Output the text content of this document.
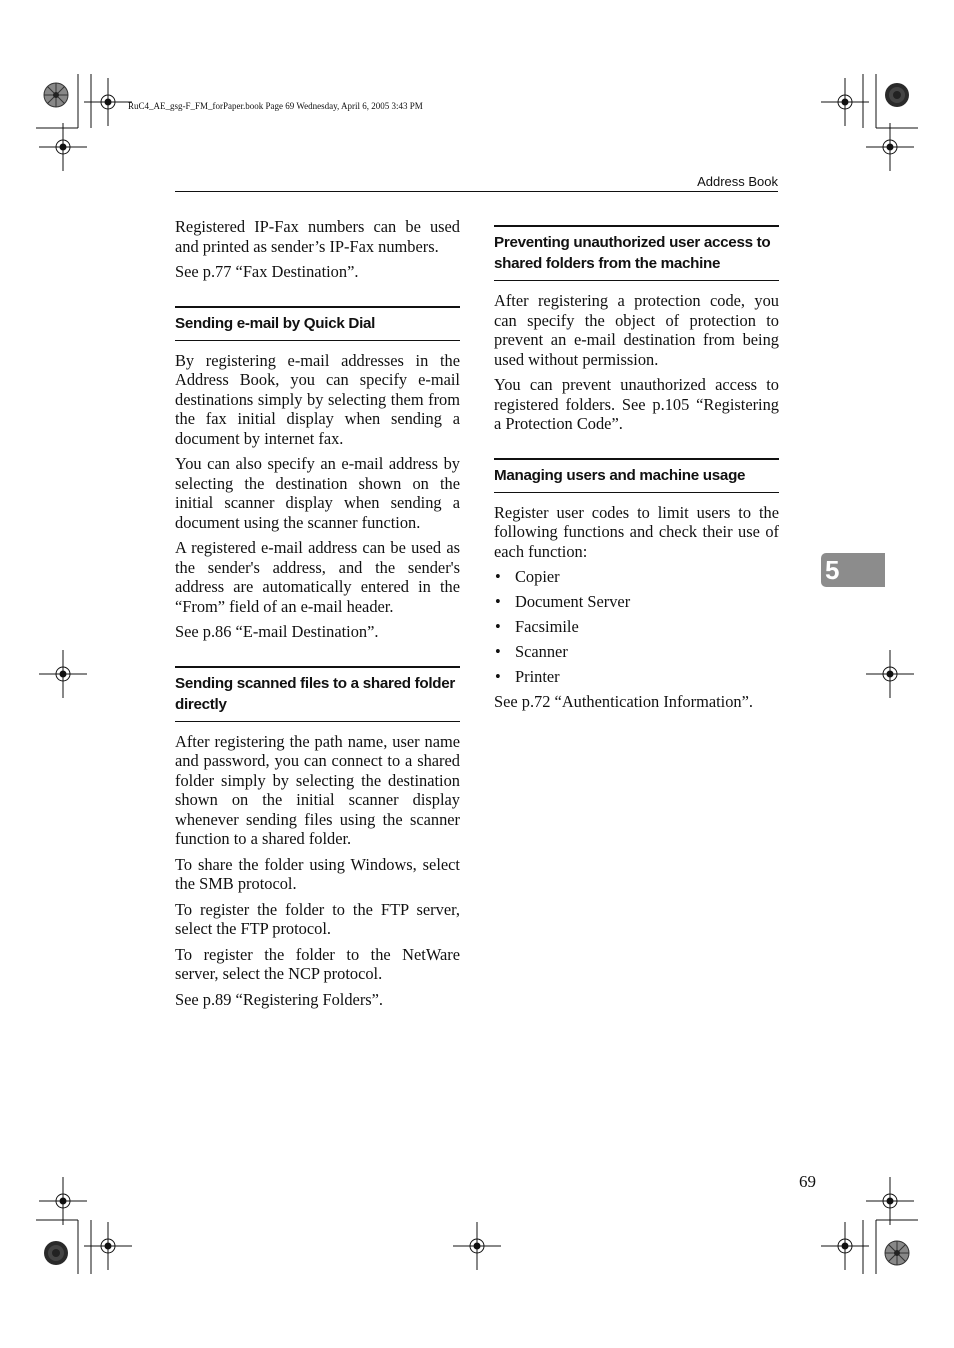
RuC4_AE_gsg-F_FM_forPaper.book Page 69 Wednesday, April 6, 2005 3:43 PM
Address Book

Registered IP-Fax numbers can be used and printed as sender’s IP-Fax numbers.

See p.77 “Fax Destination”.

Sending e-mail by Quick Dial

By registering e-mail addresses in the Address Book, you can specify e-mail destinations simply by selecting them from the fax initial display when sending a document by internet fax.

You can also specify an e-mail address by selecting the destination shown on the initial scanner display when sending a document using the scanner function.

A registered e-mail address can be used as the sender's address, and the sender's address are automatically entered in the “From” field of an e-mail header.

See p.86 “E-mail Destination”.

Sending scanned files to a shared folder directly

After registering the path name, user name and password, you can connect to a shared folder simply by selecting the destination shown on the initial scanner display whenever sending files using the scanner function to a shared folder.

To share the folder using Windows, select the SMB protocol.

To register the folder to the FTP server, select the FTP protocol.

To register the folder to the NetWare server, select the NCP protocol.

See p.89 “Registering Folders”.

Preventing unauthorized user access to shared folders from the machine

After registering a protection code, you can specify the object of protection to prevent an e-mail destination from being used without permission.

You can prevent unauthorized access to registered folders. See p.105 “Registering a Protection Code”.

Managing users and machine usage

Register user codes to limit users to the following functions and check their use of each function:

• Copier
• Document Server
• Facsimile
• Scanner
• Printer

See p.72 “Authentication Information”.

5
69
